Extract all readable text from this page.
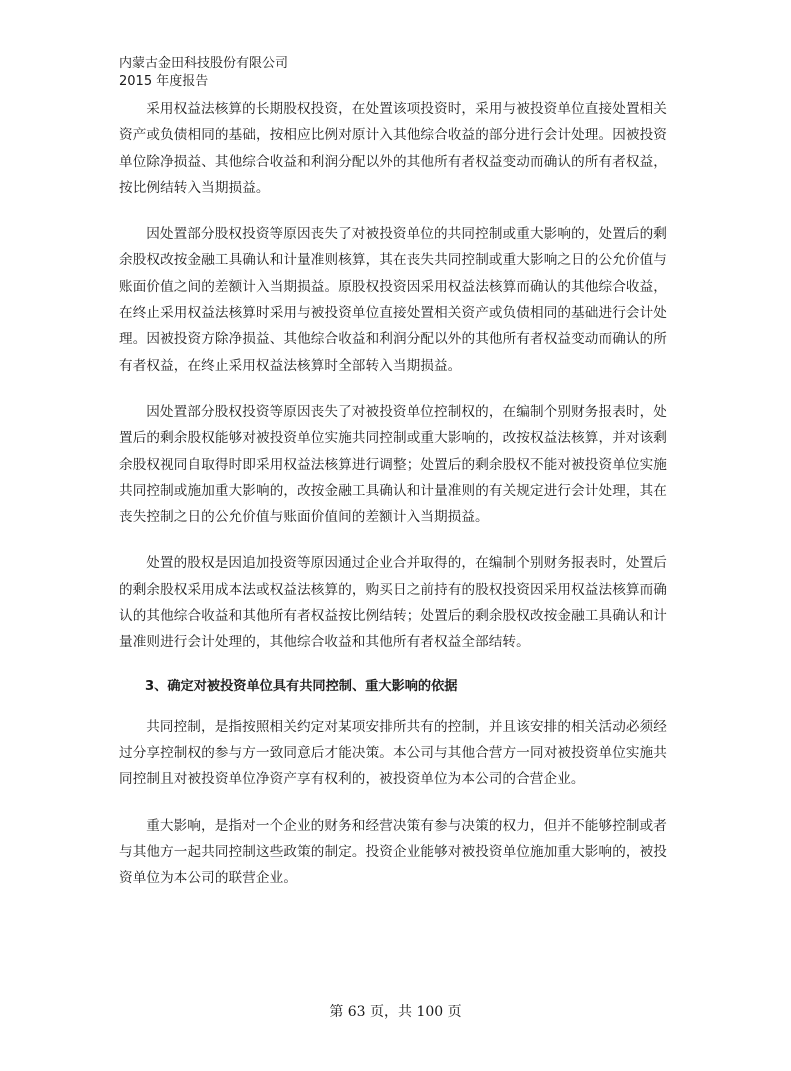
内蒙古金田科技股份有限公司
2015 年度报告

采用权益法核算的长期股权投资，在处置该项投资时，采用与被投资单位直接处置相关资产或负债相同的基础，按相应比例对原计入其他综合收益的部分进行会计处理。因被投资单位除净损益、其他综合收益和利润分配以外的其他所有者权益变动而确认的所有者权益，按比例结转入当期损益。

因处置部分股权投资等原因丧失了对被投资单位的共同控制或重大影响的，处置后的剩余股权改按金融工具确认和计量准则核算，其在丧失共同控制或重大影响之日的公允价值与账面价值之间的差额计入当期损益。原股权投资因采用权益法核算而确认的其他综合收益，在终止采用权益法核算时采用与被投资单位直接处置相关资产或负债相同的基础进行会计处理。因被投资方除净损益、其他综合收益和利润分配以外的其他所有者权益变动而确认的所有者权益，在终止采用权益法核算时全部转入当期损益。

因处置部分股权投资等原因丧失了对被投资单位控制权的，在编制个别财务报表时，处置后的剩余股权能够对被投资单位实施共同控制或重大影响的，改按权益法核算，并对该剩余股权视同自取得时即采用权益法核算进行调整；处置后的剩余股权不能对被投资单位实施共同控制或施加重大影响的，改按金融工具确认和计量准则的有关规定进行会计处理，其在丧失控制之日的公允价值与账面价值间的差额计入当期损益。

处置的股权是因追加投资等原因通过企业合并取得的，在编制个别财务报表时，处置后的剩余股权采用成本法或权益法核算的，购买日之前持有的股权投资因采用权益法核算而确认的其他综合收益和其他所有者权益按比例结转；处置后的剩余股权改按金融工具确认和计量准则进行会计处理的，其他综合收益和其他所有者权益全部结转。

3、确定对被投资单位具有共同控制、重大影响的依据

共同控制，是指按照相关约定对某项安排所共有的控制，并且该安排的相关活动必须经过分享控制权的参与方一致同意后才能决策。本公司与其他合营方一同对被投资单位实施共同控制且对被投资单位净资产享有权利的，被投资单位为本公司的合营企业。

重大影响，是指对一个企业的财务和经营决策有参与决策的权力，但并不能够控制或者与其他方一起共同控制这些政策的制定。投资企业能够对被投资单位施加重大影响的，被投资单位为本公司的联营企业。

第 63 页，共 100 页
